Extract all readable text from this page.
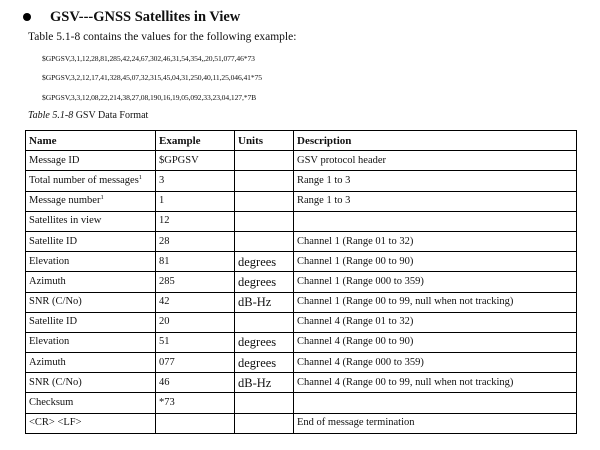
GSV---GNSS Satellites in View
Table 5.1-8 contains the values for the following example:
$GPGSV,3,1,12,28,81,285,42,24,67,302,46,31,54,354,,20,51,077,46*73
$GPGSV,3,2,12,17,41,328,45,07,32,315,45,04,31,250,40,11,25,046,41*75
$GPGSV,3,3,12,08,22,214,38,27,08,190,16,19,05,092,33,23,04,127,*7B
Table 5.1-8 GSV Data Format
Name	Example	Units	Description
Message ID	$GPGSV		GSV protocol header
Total number of messages$^1$	3		Range 1 to 3
Message number$^1$	1		Range 1 to 3
Satellites in view	12		
Satellite ID	28		Channel 1 (Range 01 to 32)
Elevation	81	degrees	Channel 1 (Range 00 to 90)
Azimuth	285	degrees	Channel 1 (Range 000 to 359)
SNR (C/No)	42	dB-Hz	Channel 1 (Range 00 to 99, null when not tracking)
Satellite ID	20		Channel 4 (Range 01 to 32)
Elevation	51	degrees	Channel 4 (Range 00 to 90)
Azimuth	077	degrees	Channel 4 (Range 000 to 359)
SNR (C/No)	46	dB-Hz	Channel 4 (Range 00 to 99, null when not tracking)
Checksum	*73		
<CR> <LF>			End of message termination
